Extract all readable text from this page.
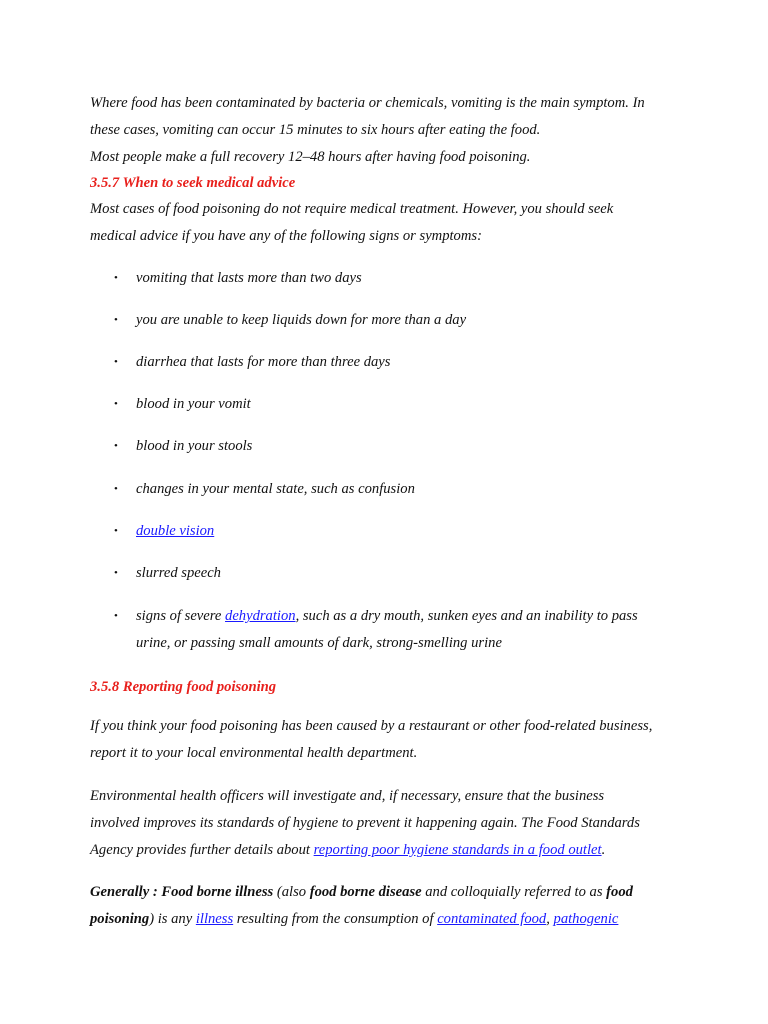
Where food has been contaminated by bacteria or chemicals, vomiting is the main symptom. In
these cases, vomiting can occur 15 minutes to six hours after eating the food.
Most people make a full recovery 12–48 hours after having food poisoning.
3.5.7 When to seek medical advice
Most cases of food poisoning do not require medical treatment. However, you should seek
medical advice if you have any of the following signs or symptoms:
• vomiting that lasts more than two days
• you are unable to keep liquids down for more than a day
• diarrhea that lasts for more than three days
• blood in your vomit
• blood in your stools
• changes in your mental state, such as confusion
• double vision
• slurred speech
• signs of severe dehydration, such as a dry mouth, sunken eyes and an inability to pass
urine, or passing small amounts of dark, strong-smelling urine
3.5.8 Reporting food poisoning
If you think your food poisoning has been caused by a restaurant or other food-related business,
report it to your local environmental health department.
Environmental health officers will investigate and, if necessary, ensure that the business
involved improves its standards of hygiene to prevent it happening again. The Food Standards
Agency provides further details about reporting poor hygiene standards in a food outlet.
Generally : Food borne illness (also food borne disease and colloquially referred to as food
poisoning) is any illness resulting from the consumption of contaminated food, pathogenic
